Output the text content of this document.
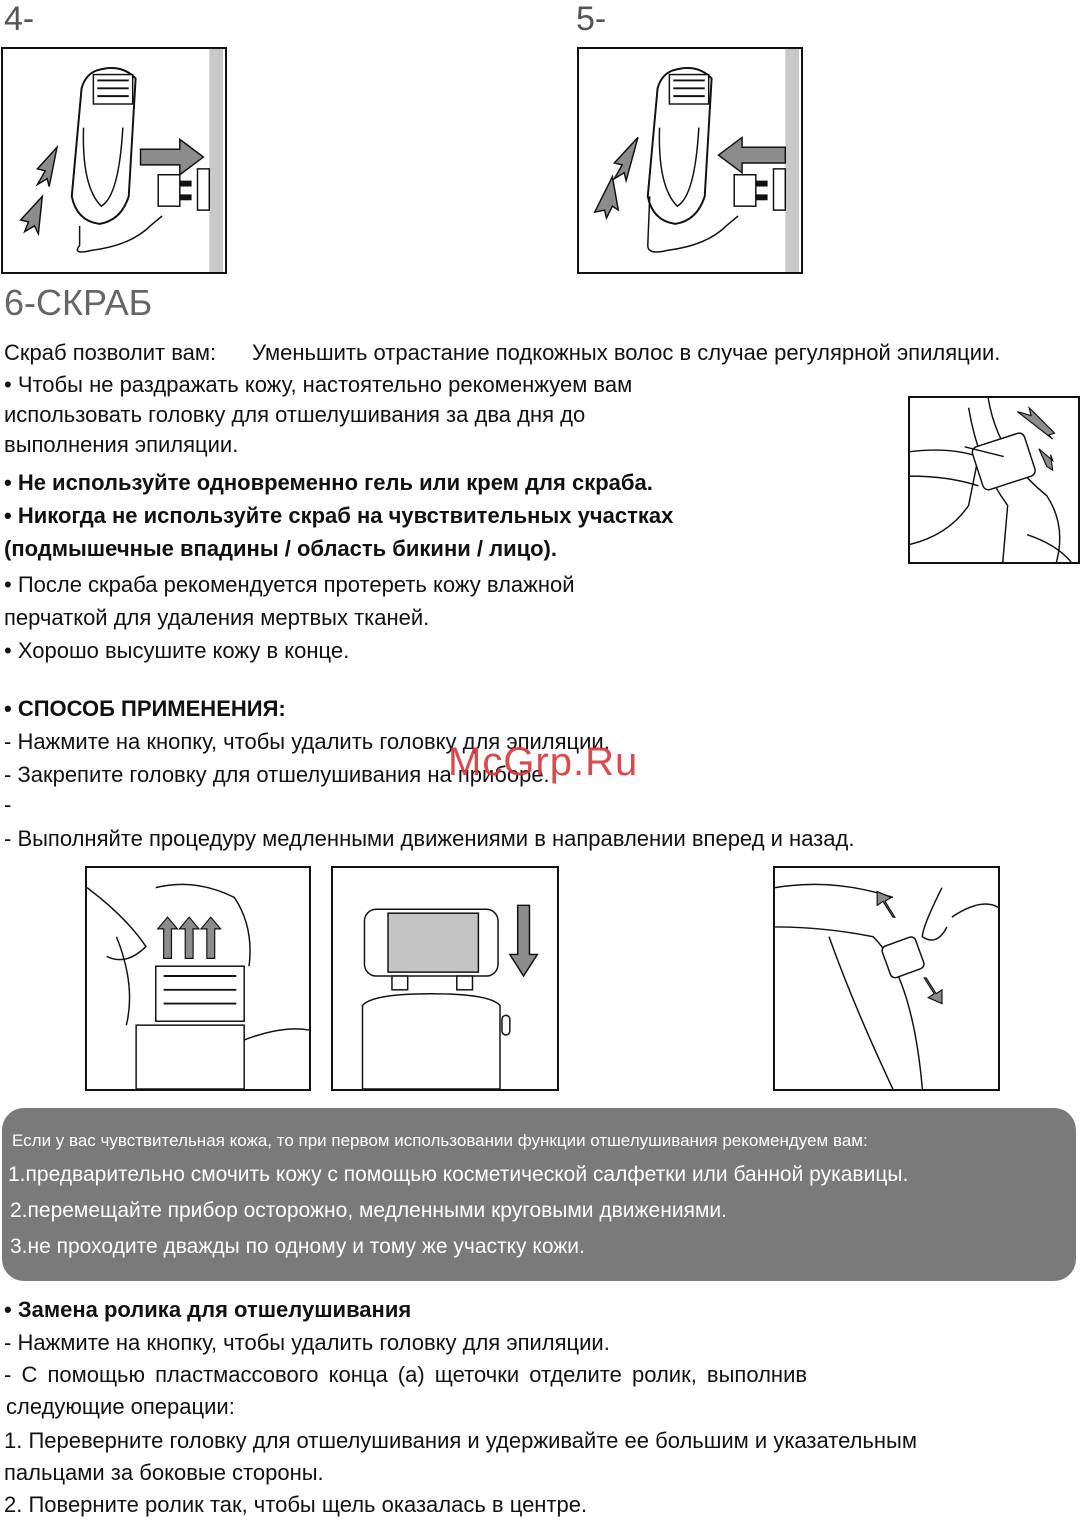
4-	5-
6-СКРАБ
Скраб позволит вам: Уменьшить отрастание подкожных волос в случае регулярной эпиляции.
• Чтобы не раздражать кожу, настоятельно рекоменжуем вам
использовать головку для отшелушивания за два дня до
выполнения эпиляции.
• Не используйте одновременно гель или крем для скраба.
• Никогда не используйте скраб на чувствительных участках
(подмышечные впадины / область бикини / лицо).
• После скраба рекомендуется протереть кожу влажной
перчаткой для удаления мертвых тканей.
• Хорошо высушите кожу в конце.
• СПОСОБ ПРИМЕНЕНИЯ:
- Нажмите на кнопку, чтобы удалить головку для эпиляции.
- Закрепите головку для отшелушивания на приборе.
-
- Выполняйте процедуру медленными движениями в направлении вперед и назад.
McGrp.Ru
Если у вас чувствительная кожа, то при первом использовании функции отшелушивания рекомендуем вам:
1.предварительно смочить кожу с помощью косметической салфетки или банной рукавицы.
2.перемещайте прибор осторожно, медленными круговыми движениями.
3.не проходите дважды по одному и тому же участку кожи.
• Замена ролика для отшелушивания
- Нажмите на кнопку, чтобы удалить головку для эпиляции.
- С помощью пластмассового конца (а) щеточки отделите ролик, выполнив
следующие операции:
1. Переверните головку для отшелушивания и удерживайте ее большим и указательным
пальцами за боковые стороны.
2. Поверните ролик так, чтобы щель оказалась в центре.
